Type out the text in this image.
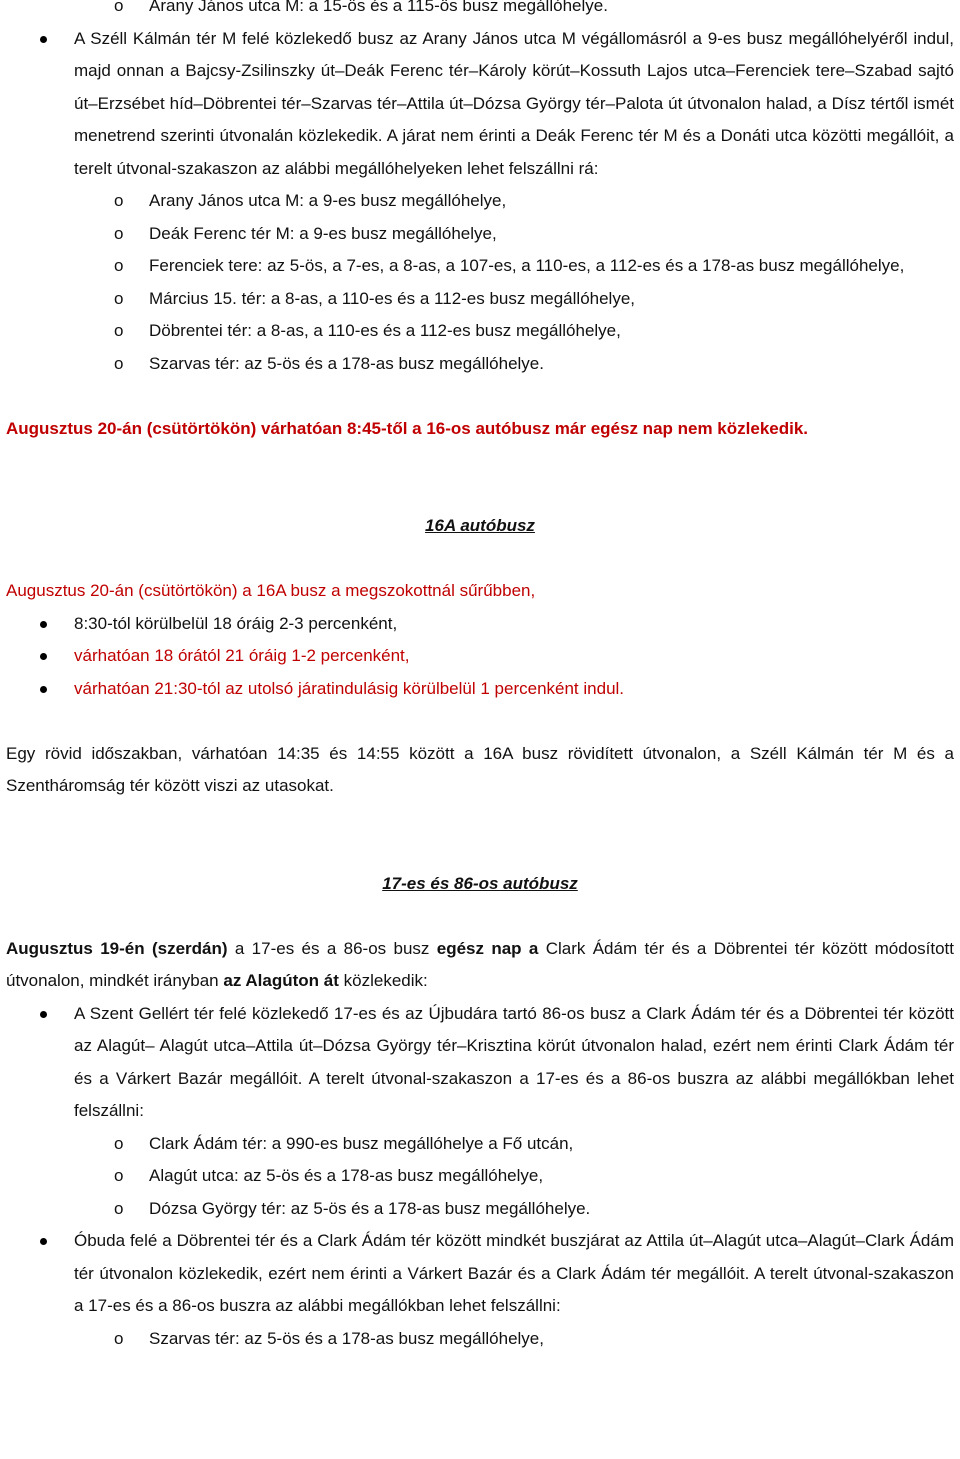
o Arany János utca M: a 15-ös és a 115-ös busz megállóhelye.
A Széll Kálmán tér M felé közlekedő busz az Arany János utca M végállomásról a 9-es busz megállóhelyéről indul, majd onnan a Bajcsy-Zsilinszky út–Deák Ferenc tér–Károly körút–Kossuth Lajos utca–Ferenciek tere–Szabad sajtó út–Erzsébet híd–Döbrentei tér–Szarvas tér–Attila út–Dózsa György tér–Palota út útvonalon halad, a Dísz tértől ismét menetrend szerinti útvonalán közlekedik. A járat nem érinti a Deák Ferenc tér M és a Donáti utca közötti megállóit, a terelt útvonal-szakaszon az alábbi megállóhelyeken lehet felszállni rá:
o Arany János utca M: a 9-es busz megállóhelye,
o Deák Ferenc tér M: a 9-es busz megállóhelye,
o Ferenciek tere: az 5-ös, a 7-es, a 8-as, a 107-es, a 110-es, a 112-es és a 178-as busz megállóhelye,
o Március 15. tér: a 8-as, a 110-es és a 112-es busz megállóhelye,
o Döbrentei tér: a 8-as, a 110-es és a 112-es busz megállóhelye,
o Szarvas tér: az 5-ös és a 178-as busz megállóhelye.

Augusztus 20-án (csütörtökön) várhatóan 8:45-től a 16-os autóbusz már egész nap nem közlekedik.

16A autóbusz

Augusztus 20-án (csütörtökön) a 16A busz a megszokottnál sűrűbben,

8:30-tól körülbelül 18 óráig 2-3 percenként,
várhatóan 18 órától 21 óráig 1-2 percenként,
várhatóan 21:30-tól az utolsó járatindulásig körülbelül 1 percenként indul.

Egy rövid időszakban, várhatóan 14:35 és 14:55 között a 16A busz rövidített útvonalon, a Széll Kálmán tér M és a Szentháromság tér között viszi az utasokat.

17-es és 86-os autóbusz

Augusztus 19-én (szerdán) a 17-es és a 86-os busz egész nap a Clark Ádám tér és a Döbrentei tér között módosított útvonalon, mindkét irányban az Alagúton át közlekedik:

A Szent Gellért tér felé közlekedő 17-es és az Újbudára tartó 86-os busz a Clark Ádám tér és a Döbrentei tér között az Alagút– Alagút utca–Attila út–Dózsa György tér–Krisztina körút útvonalon halad, ezért nem érinti Clark Ádám tér és a Várkert Bazár megállóit. A terelt útvonal-szakaszon a 17-es és a 86-os buszra az alábbi megállókban lehet felszállni:
o Clark Ádám tér: a 990-es busz megállóhelye a Fő utcán,
o Alagút utca: az 5-ös és a 178-as busz megállóhelye,
o Dózsa György tér: az 5-ös és a 178-as busz megállóhelye.
Óbuda felé a Döbrentei tér és a Clark Ádám tér között mindkét buszjárat az Attila út–Alagút utca–Alagút–Clark Ádám tér útvonalon közlekedik, ezért nem érinti a Várkert Bazár és a Clark Ádám tér megállóit. A terelt útvonal-szakaszon a 17-es és a 86-os buszra az alábbi megállókban lehet felszállni:
o Szarvas tér: az 5-ös és a 178-as busz megállóhelye,
